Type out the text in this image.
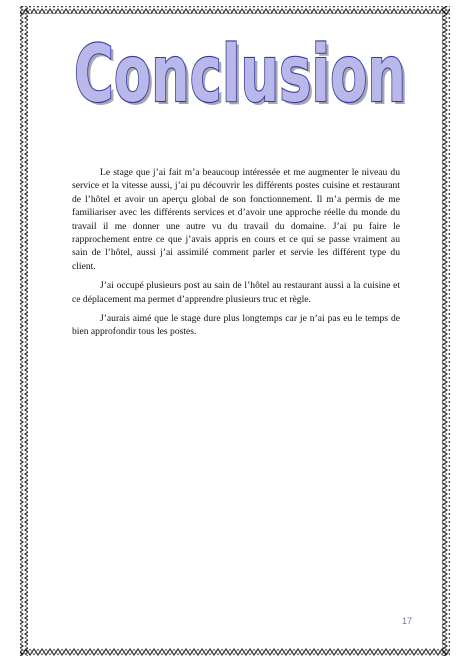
Conclusion
Conclusion

Le stage que j’ai fait m’a beaucoup intéressée et me augmenter le niveau du service et la vitesse aussi, j’ai pu découvrir les différents postes cuisine et restaurant de l’hôtel et avoir un aperçu global de son fonctionnement. Il m’a permis de me familiariser avec les différents services et d’avoir une approche réelle du monde du travail il me donner une autre vu du travail du domaine. J’ai pu faire le rapprochement entre ce que j’avais appris en cours et ce qui se passe vraiment au sain de l’hôtel, aussi j’ai assimilé comment parler et servie les différent type du client.

J’ai occupé plusieurs post au sain de l’hôtel au restaurant aussi a la cuisine et ce déplacement ma permet d’apprendre plusieurs truc et règle.

J’aurais aimé que le stage dure plus longtemps car je n’ai pas eu le temps de bien approfondir tous les postes.

17
